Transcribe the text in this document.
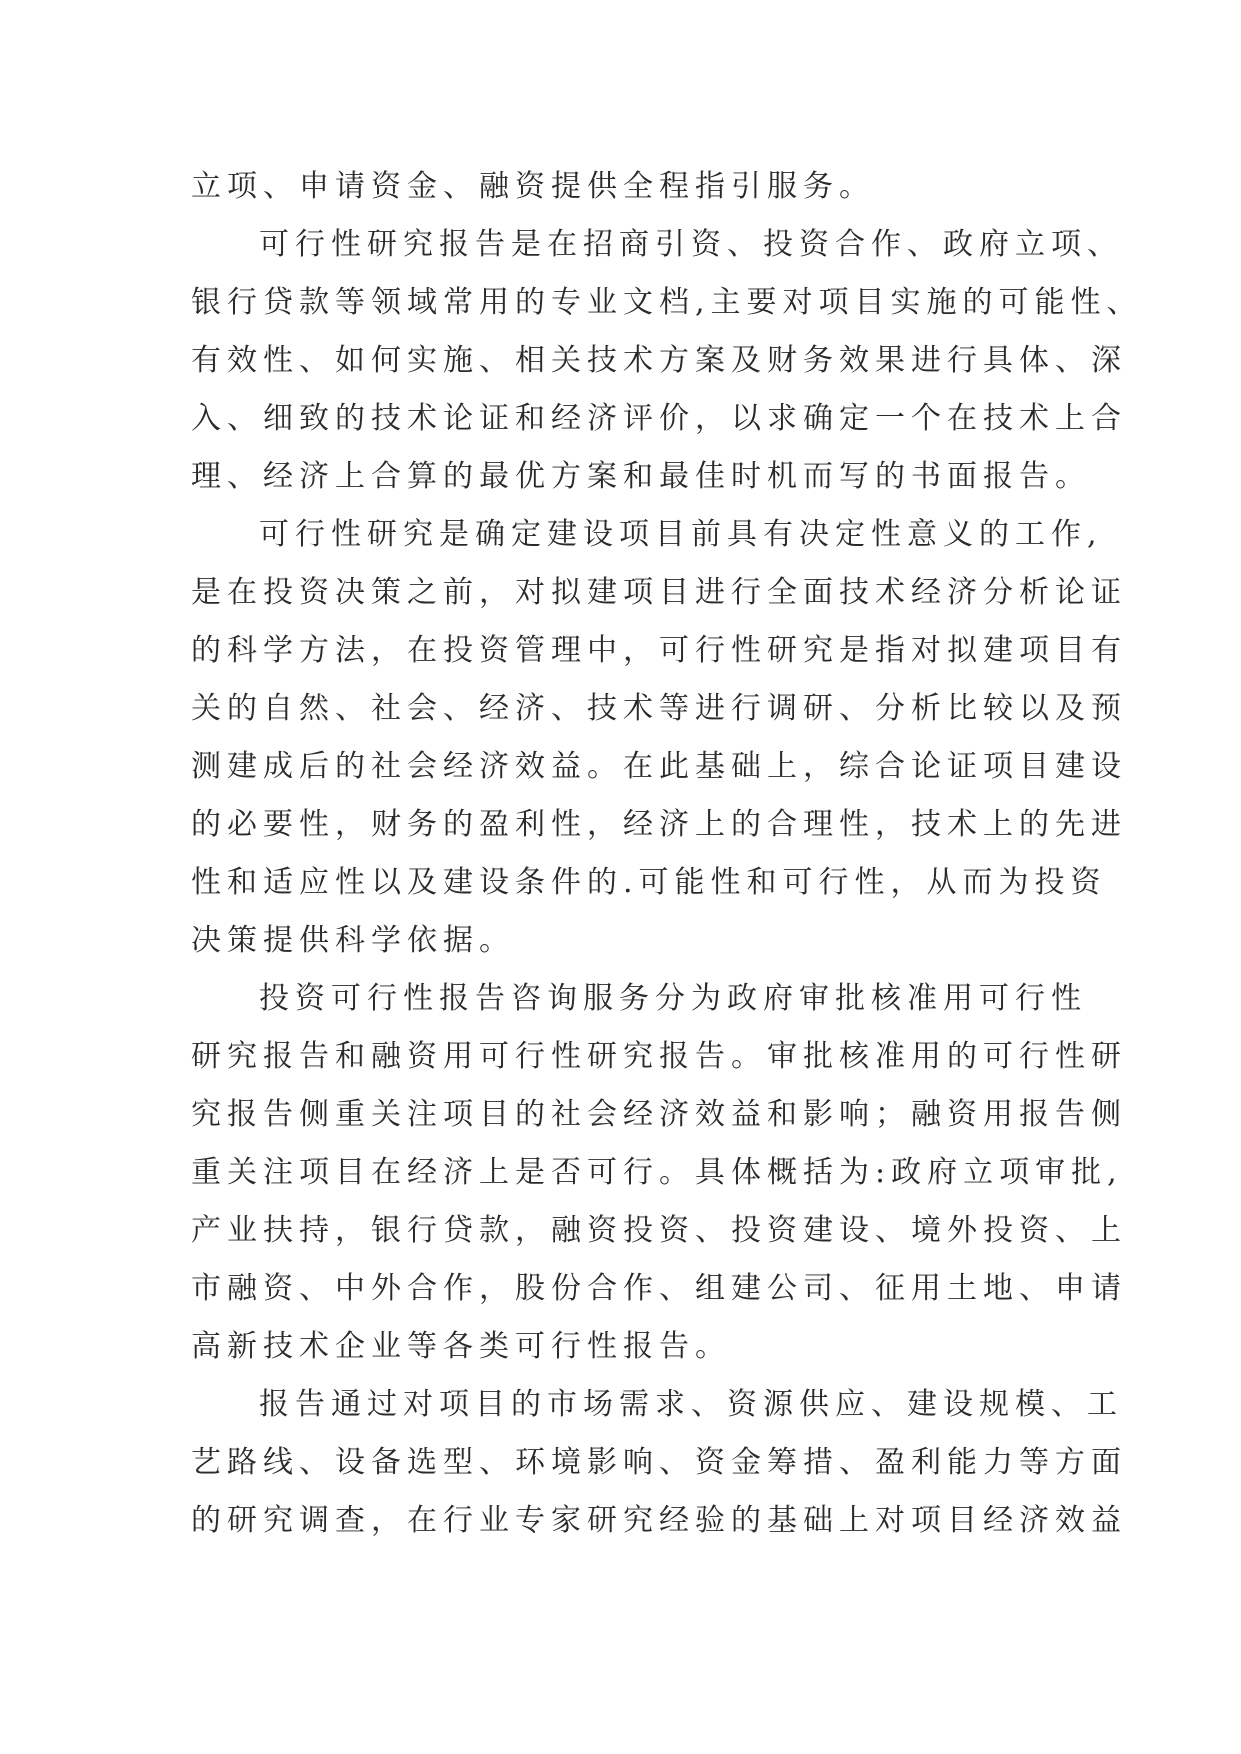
立项、申请资金、融资提供全程指引服务。

可行性研究报告是在招商引资、投资合作、政府立项、
银行贷款等领域常用的专业文档,主要对项目实施的可能性、
有效性、如何实施、相关技术方案及财务效果进行具体、深
入、细致的技术论证和经济评价，以求确定一个在技术上合
理、经济上合算的最优方案和最佳时机而写的书面报告。

可行性研究是确定建设项目前具有决定性意义的工作,
是在投资决策之前，对拟建项目进行全面技术经济分析论证
的科学方法，在投资管理中，可行性研究是指对拟建项目有
关的自然、社会、经济、技术等进行调研、分析比较以及预
测建成后的社会经济效益。在此基础上，综合论证项目建设
的必要性，财务的盈利性，经济上的合理性，技术上的先进
性和适应性以及建设条件的.可能性和可行性，从而为投资
决策提供科学依据。

投资可行性报告咨询服务分为政府审批核准用可行性
研究报告和融资用可行性研究报告。审批核准用的可行性研
究报告侧重关注项目的社会经济效益和影响；融资用报告侧
重关注项目在经济上是否可行。具体概括为:政府立项审批,
产业扶持，银行贷款，融资投资、投资建设、境外投资、上
市融资、中外合作，股份合作、组建公司、征用土地、申请
高新技术企业等各类可行性报告。

报告通过对项目的市场需求、资源供应、建设规模、工
艺路线、设备选型、环境影响、资金筹措、盈利能力等方面
的研究调查，在行业专家研究经验的基础上对项目经济效益
